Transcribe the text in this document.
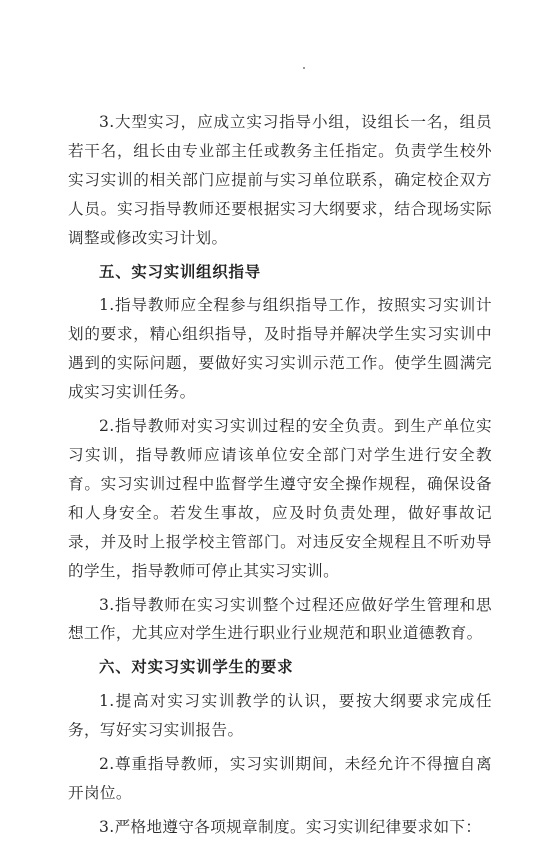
3.大型实习，应成立实习指导小组，设组长一名，组员若干名，组长由专业部主任或教务主任指定。负责学生校外实习实训的相关部门应提前与实习单位联系，确定校企双方人员。实习指导教师还要根据实习大纲要求，结合现场实际调整或修改实习计划。

五、实习实训组织指导

1.指导教师应全程参与组织指导工作，按照实习实训计划的要求，精心组织指导，及时指导并解决学生实习实训中遇到的实际问题，要做好实习实训示范工作。使学生圆满完成实习实训任务。

2.指导教师对实习实训过程的安全负责。到生产单位实习实训，指导教师应请该单位安全部门对学生进行安全教育。实习实训过程中监督学生遵守安全操作规程，确保设备和人身安全。若发生事故，应及时负责处理，做好事故记录，并及时上报学校主管部门。对违反安全规程且不听劝导的学生，指导教师可停止其实习实训。

3.指导教师在实习实训整个过程还应做好学生管理和思想工作，尤其应对学生进行职业行业规范和职业道德教育。

六、对实习实训学生的要求

1.提高对实习实训教学的认识，要按大纲要求完成任务，写好实习实训报告。

2.尊重指导教师，实习实训期间，未经允许不得擅自离开岗位。

3.严格地遵守各项规章制度。实习实训纪律要求如下：
